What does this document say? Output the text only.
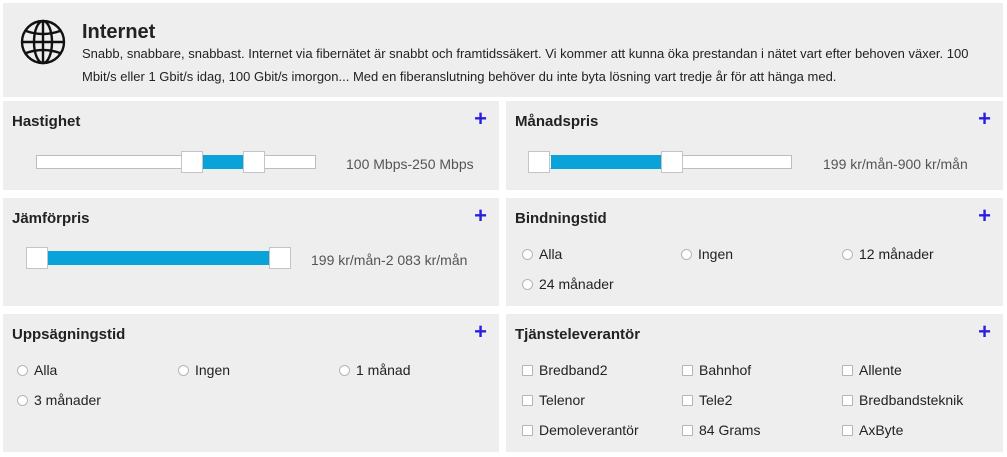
Internet
Snabb, snabbare, snabbast. Internet via fibernätet är snabbt och framtidssäkert. Vi kommer att kunna öka prestandan i nätet vart efter behoven växer. 100 Mbit/s eller 1 Gbit/s idag, 100 Gbit/s imorgon... Med en fiberanslutning behöver du inte byta lösning vart tredje år för att hänga med.
Hastighet	+
100 Mbps-250 Mbps
Månadspris	+
199 kr/mån-900 kr/mån
Jämförpris	+
199 kr/mån-2 083 kr/mån
Bindningstid	+
Alla	Ingen	12 månader
24 månader
Uppsägningstid	+
Alla	Ingen	1 månad
3 månader
Tjänsteleverantör	+
Bredband2	Bahnhof	Allente
Telenor	Tele2	Bredbandsteknik
Demoleverantör	84 Grams	AxByte
